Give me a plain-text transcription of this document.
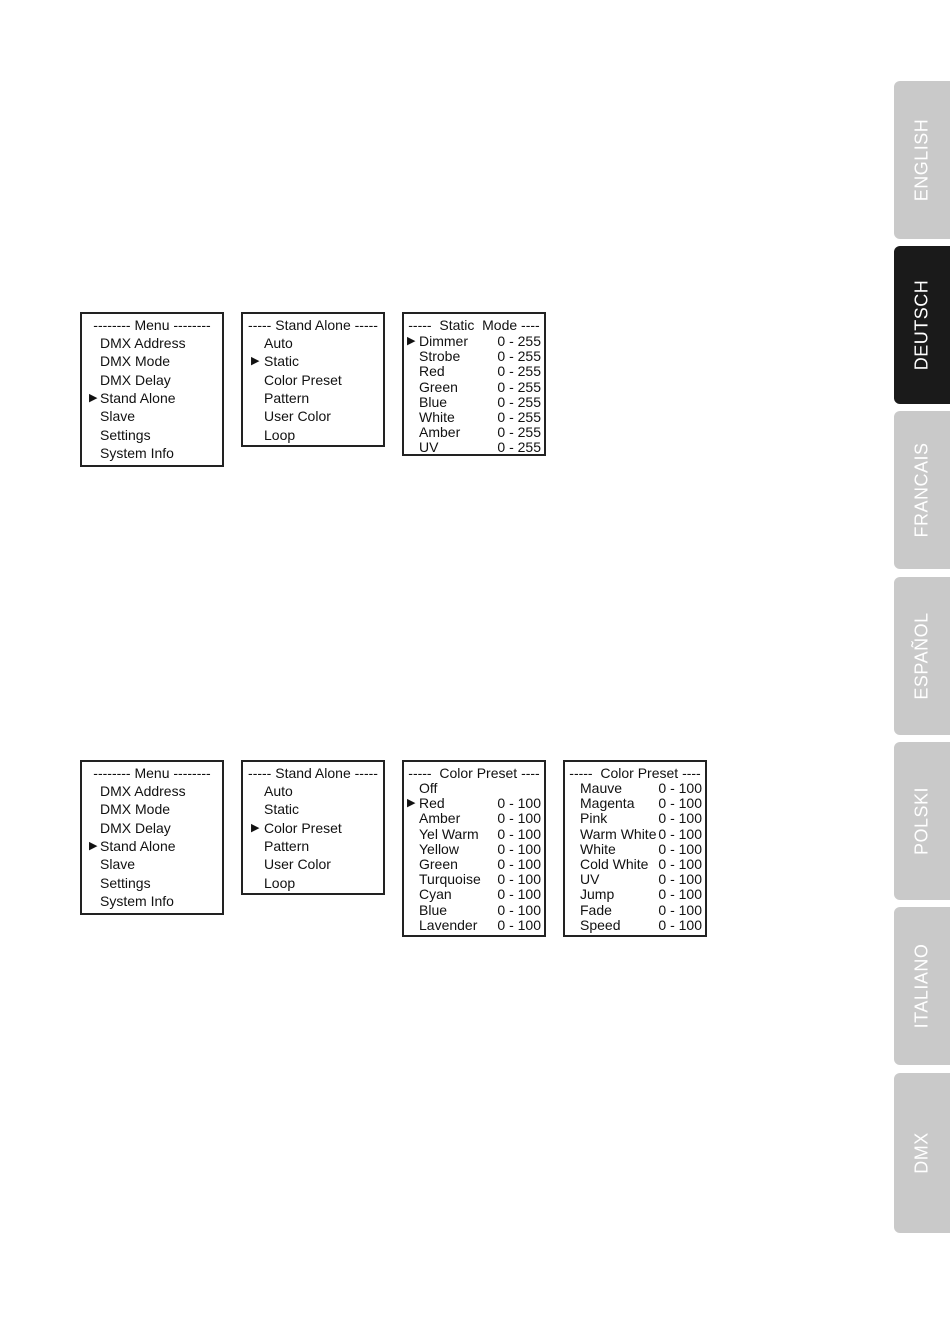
-------- Menu --------
DMX Address
DMX Mode
DMX Delay
▶ Stand Alone
Slave
Settings
System Info
----- Stand Alone -----
Auto
▶ Static
Color Preset
Pattern
User Color
Loop
-----  Static  Mode ----
▶ Dimmer 0 - 255
Strobe	0 - 255
Red	0 - 255
Green	0 - 255
Blue	0 - 255
White	0 - 255
Amber	0 - 255
UV	0 - 255
-------- Menu --------
DMX Address
DMX Mode
DMX Delay
▶ Stand Alone
Slave
Settings
System Info
----- Stand Alone -----
Auto
Static
▶ Color Preset
Pattern
User Color
Loop
-----  Color Preset ----
Off
▶ Red	0 - 100
Amber	0 - 100
Yel Warm 0 - 100
Yellow	0 - 100
Green	0 - 100
Turquoise 0 - 100
Cyan	0 - 100
Blue	0 - 100
Lavender 0 - 100
-----  Color Preset ----
Mauve	0 - 100
Magenta 0 - 100
Pink	0 - 100
Warm White 0 - 100
White	0 - 100
Cold White 0 - 100
UV	0 - 100
Jump	0 - 100
Fade	0 - 100
Speed	0 - 100
ENGLISH
DEUTSCH
FRANCAIS
ESPAÑOL
POLSKI
ITALIANO
DMX
